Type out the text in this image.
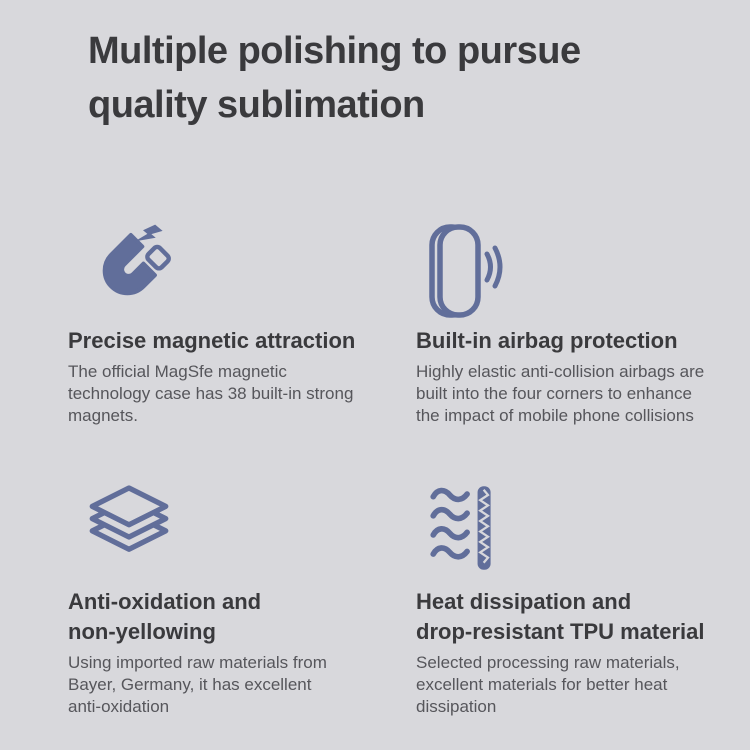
Multiple polishing to pursue
quality sublimation
Precise magnetic attraction

The official MagSfe magnetic
technology case has 38 built-in strong
magnets.

Built-in airbag protection

Highly elastic anti-collision airbags are
built into the four corners to enhance
the impact of mobile phone collisions

Anti-oxidation and
non-yellowing

Using imported raw materials from
Bayer, Germany, it has excellent
anti-oxidation

Heat dissipation and
drop-resistant TPU material

Selected processing raw materials,
excellent materials for better heat
dissipation
